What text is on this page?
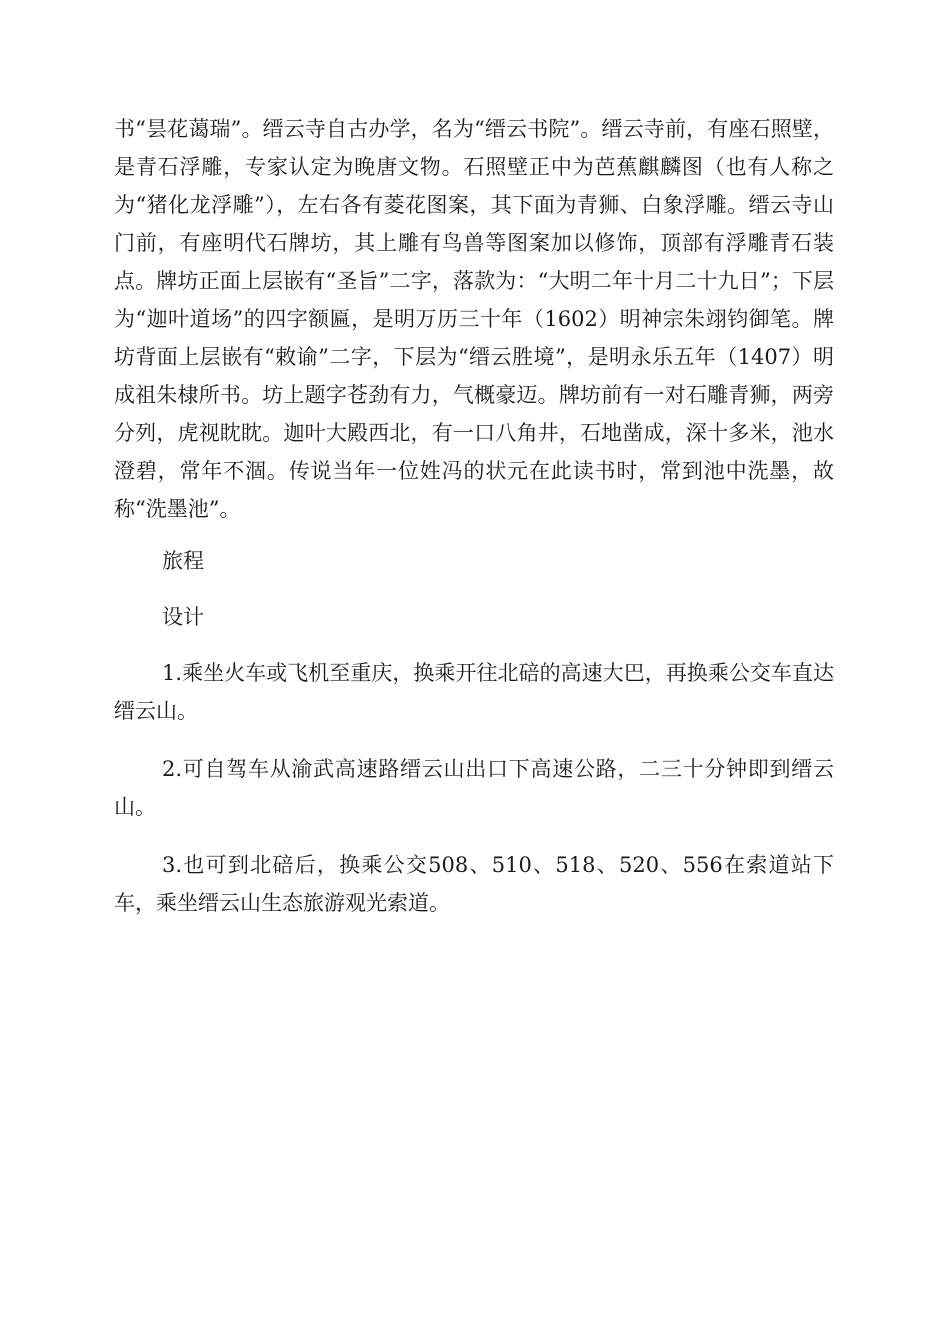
书“昙花蔼瑞”。缙云寺自古办学，名为“缙云书院”。缙云寺前，有座石照壁，是青石浮雕，专家认定为晚唐文物。石照壁正中为芭蕉麒麟图（也有人称之为“猪化龙浮雕”），左右各有菱花图案，其下面为青狮、白象浮雕。缙云寺山门前，有座明代石牌坊，其上雕有鸟兽等图案加以修饰，顶部有浮雕青石装点。牌坊正面上层嵌有“圣旨”二字，落款为：“大明二年十月二十九日”；下层为“迦叶道场”的四字额匾，是明万历三十年（1602）明神宗朱翊钧御笔。牌坊背面上层嵌有“敕谕”二字，下层为“缙云胜境”，是明永乐五年（1407）明成祖朱棣所书。坊上题字苍劲有力，气概豪迈。牌坊前有一对石雕青狮，两旁分列，虎视眈眈。迦叶大殿西北，有一口八角井，石地凿成，深十多米，池水澄碧，常年不涸。传说当年一位姓冯的状元在此读书时，常到池中洗墨，故称“洗墨池”。

旅程

设计

1.乘坐火车或飞机至重庆，换乘开往北碚的高速大巴，再换乘公交车直达缙云山。

2.可自驾车从渝武高速路缙云山出口下高速公路，二三十分钟即到缙云山。

3.也可到北碚后，换乘公交508、510、518、520、556在索道站下车，乘坐缙云山生态旅游观光索道。
